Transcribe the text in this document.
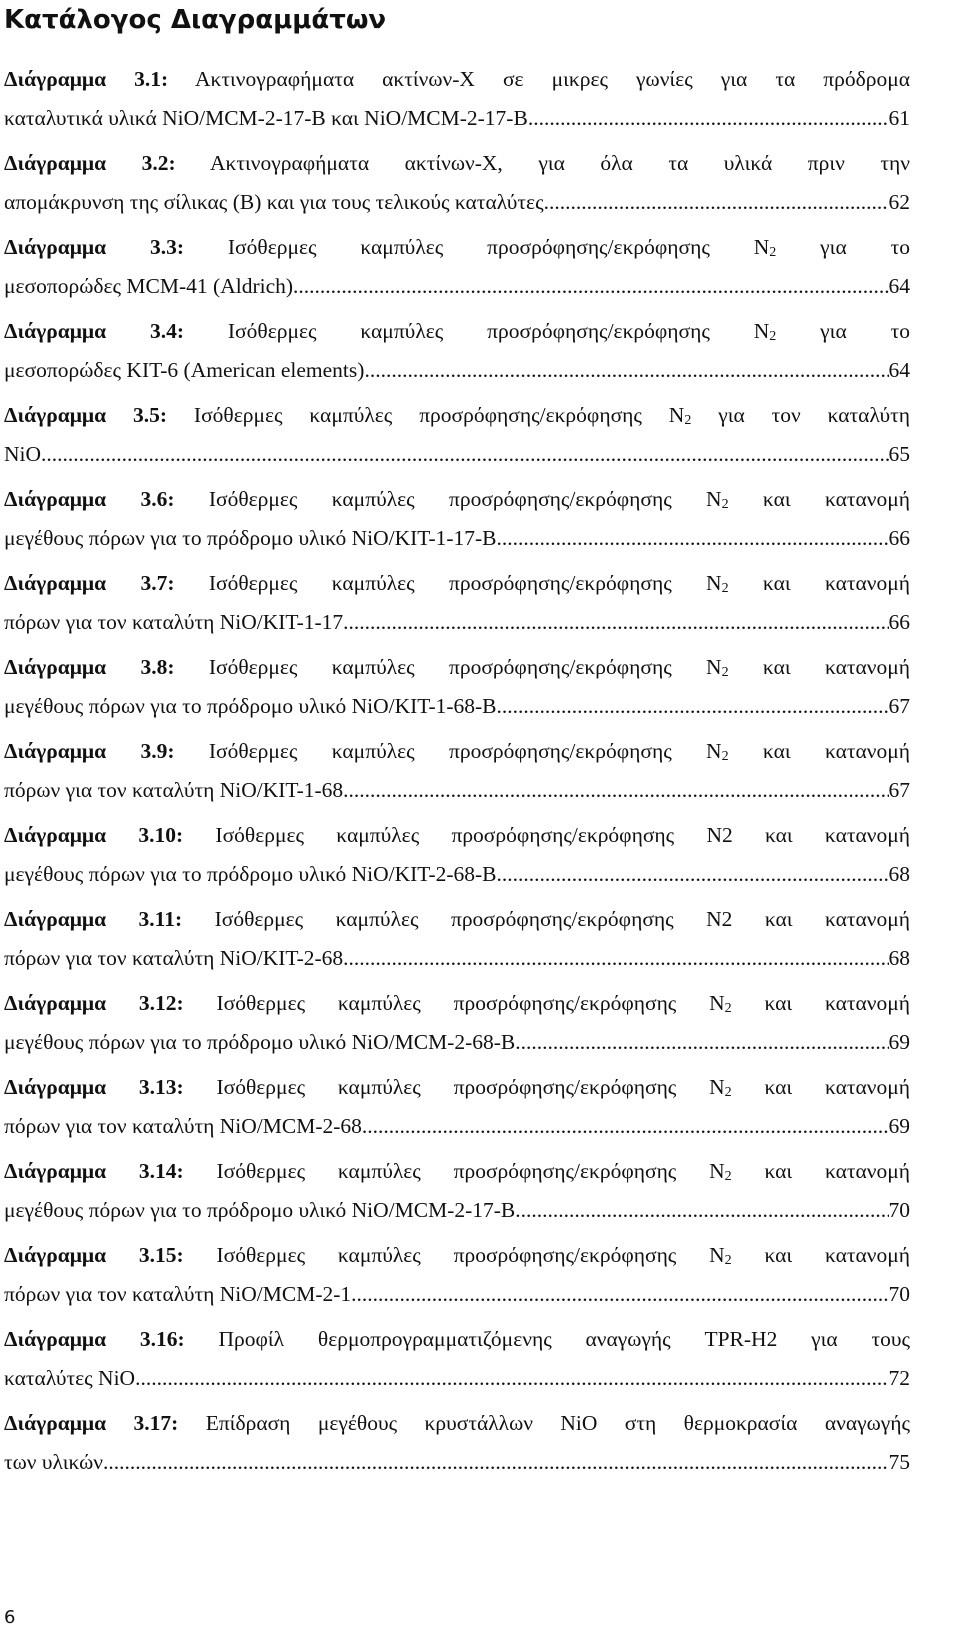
Κατάλογος Διαγραμμάτων
Διάγραμμα 3.1: Ακτινογραφήματα ακτίνων-Χ σε μικρες γωνίες για τα πρόδρομα
καταλυτικά υλικά NiO/MCM-2-17-B και NiO/MCM-2-17-B .....	61
Διάγραμμα 3.2: Ακτινογραφήματα ακτίνων-Χ, για όλα τα υλικά πριν την
απομάκρυνση της σίλικας (B) και για τους τελικούς καταλύτες .....	62
Διάγραμμα 3.3: Ισόθερμες καμπύλες προσρόφησης/εκρόφησης $N_2$ για το
μεσοπορώδες MCM-41 (Aldrich) .....	64
Διάγραμμα 3.4: Ισόθερμες καμπύλες προσρόφησης/εκρόφησης $N_2$ για το
μεσοπορώδες KIT-6 (American elements) .....	64
Διάγραμμα 3.5: Ισόθερμες καμπύλες προσρόφησης/εκρόφησης $N_2$ για τον καταλύτη
NiO .....	65
Διάγραμμα 3.6: Ισόθερμες καμπύλες προσρόφησης/εκρόφησης $N_2$ και κατανομή
μεγέθους πόρων για το πρόδρομο υλικό NiO/KIT-1-17-B .....	66
Διάγραμμα 3.7: Ισόθερμες καμπύλες προσρόφησης/εκρόφησης $N_2$ και κατανομή
πόρων για τον καταλύτη NiO/KIT-1-17 .....	66
Διάγραμμα 3.8: Ισόθερμες καμπύλες προσρόφησης/εκρόφησης $N_2$ και κατανομή
μεγέθους πόρων για το πρόδρομο υλικό NiO/KIT-1-68-B .....	67
Διάγραμμα 3.9: Ισόθερμες καμπύλες προσρόφησης/εκρόφησης $N_2$ και κατανομή
πόρων για τον καταλύτη NiO/KIT-1-68 .....	67
Διάγραμμα 3.10: Ισόθερμες καμπύλες προσρόφησης/εκρόφησης N2 και κατανομή
μεγέθους πόρων για το πρόδρομο υλικό NiO/KIT-2-68-B .....	68
Διάγραμμα 3.11: Ισόθερμες καμπύλες προσρόφησης/εκρόφησης N2 και κατανομή
πόρων για τον καταλύτη NiO/KIT-2-68 .....	68
Διάγραμμα 3.12: Ισόθερμες καμπύλες προσρόφησης/εκρόφησης $N_2$ και κατανομή
μεγέθους πόρων για το πρόδρομο υλικό NiO/MCM-2-68-B .....	69
Διάγραμμα 3.13: Ισόθερμες καμπύλες προσρόφησης/εκρόφησης $N_2$ και κατανομή
πόρων για τον καταλύτη NiO/MCM-2-68 .....	69
Διάγραμμα 3.14: Ισόθερμες καμπύλες προσρόφησης/εκρόφησης $N_2$ και κατανομή
μεγέθους πόρων για το πρόδρομο υλικό NiO/MCM-2-17-B .....	70
Διάγραμμα 3.15: Ισόθερμες καμπύλες προσρόφησης/εκρόφησης $N_2$ και κατανομή
πόρων για τον καταλύτη NiO/MCM-2-1 .....	70
Διάγραμμα 3.16: Προφίλ θερμοπρογραμματιζόμενης αναγωγής TPR-H2 για τους
καταλύτες NiO .....	72
Διάγραμμα 3.17: Επίδραση μεγέθους κρυστάλλων NiO στη θερμοκρασία αναγωγής
των υλικών .....	75
6
